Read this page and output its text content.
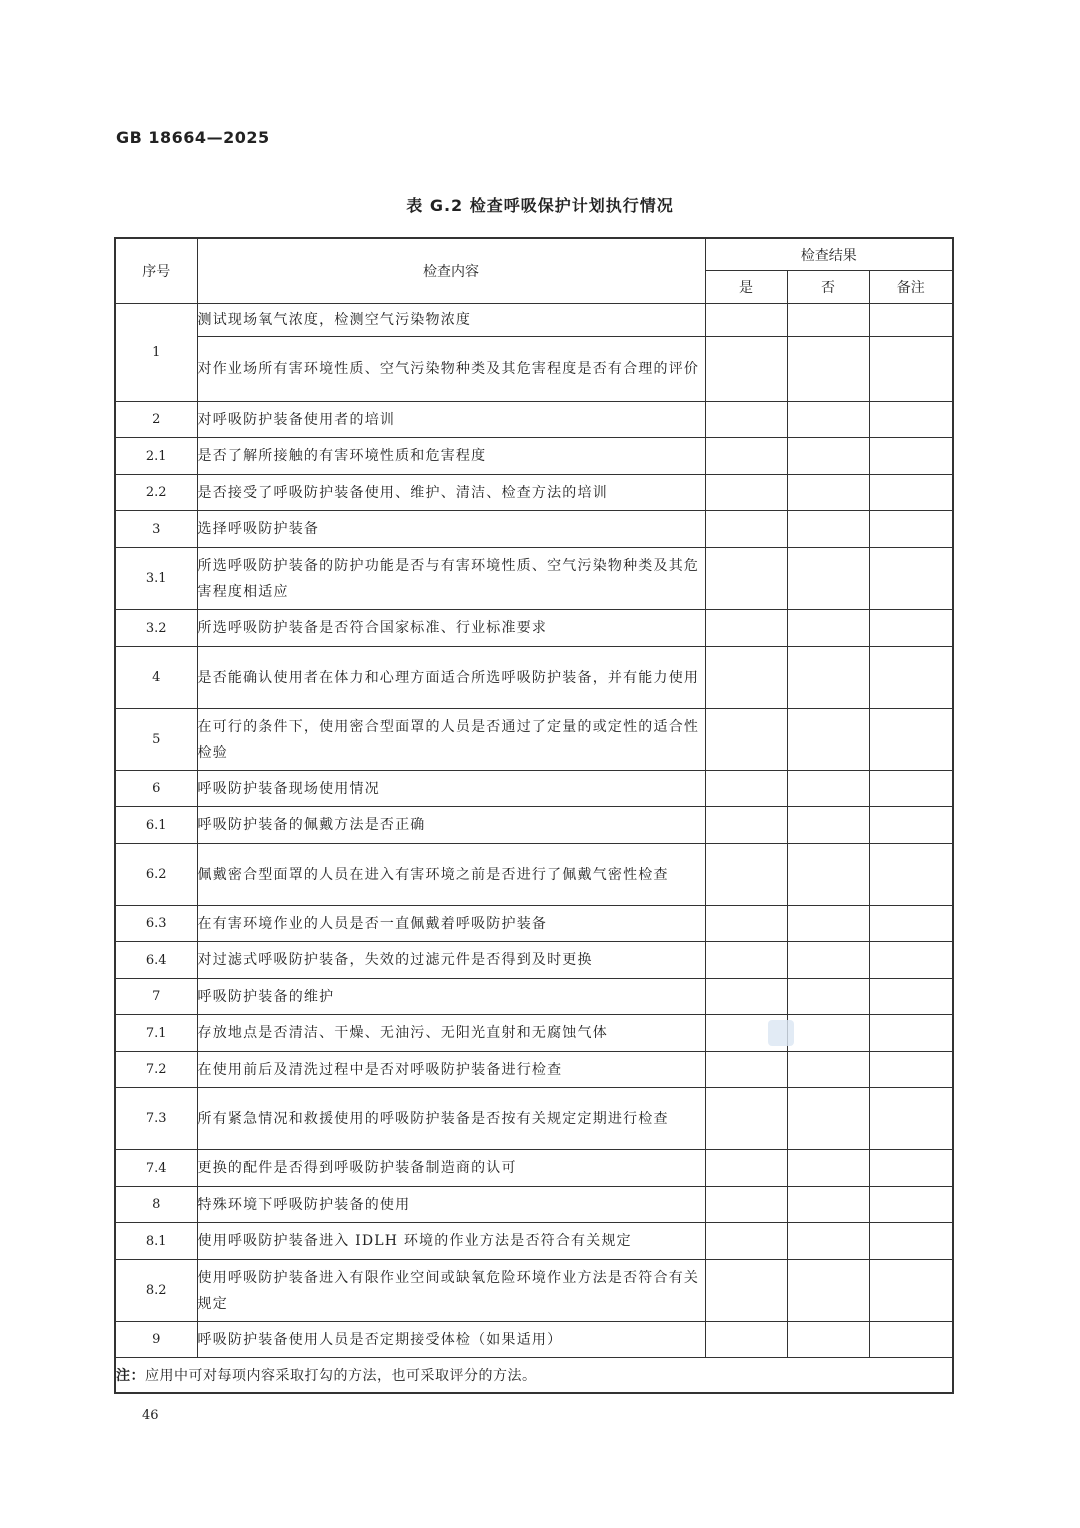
GB 18664—2025
表 G.2 检查呼吸保护计划执行情况
序号	检查内容	检查结果		
		是	否	备注
1	测试现场氧气浓度，检测空气污染物浓度			
	对作业场所有害环境性质、空气污染物种类及其危害程度是否有合理的评价			
2	对呼吸防护装备使用者的培训			
2.1	是否了解所接触的有害环境性质和危害程度			
2.2	是否接受了呼吸防护装备使用、维护、清洁、检查方法的培训			
3	选择呼吸防护装备			
3.1	所选呼吸防护装备的防护功能是否与有害环境性质、空气污染物种类及其危害程度相适应			
3.2	所选呼吸防护装备是否符合国家标准、行业标准要求			
4	是否能确认使用者在体力和心理方面适合所选呼吸防护装备，并有能力使用			
5	在可行的条件下，使用密合型面罩的人员是否通过了定量的或定性的适合性检验			
6	呼吸防护装备现场使用情况			
6.1	呼吸防护装备的佩戴方法是否正确			
6.2	佩戴密合型面罩的人员在进入有害环境之前是否进行了佩戴气密性检查			
6.3	在有害环境作业的人员是否一直佩戴着呼吸防护装备			
6.4	对过滤式呼吸防护装备，失效的过滤元件是否得到及时更换			
7	呼吸防护装备的维护			
7.1	存放地点是否清洁、干燥、无油污、无阳光直射和无腐蚀气体			
7.2	在使用前后及清洗过程中是否对呼吸防护装备进行检查			
7.3	所有紧急情况和救援使用的呼吸防护装备是否按有关规定定期进行检查			
7.4	更换的配件是否得到呼吸防护装备制造商的认可			
8	特殊环境下呼吸防护装备的使用			
8.1	使用呼吸防护装备进入 IDLH 环境的作业方法是否符合有关规定			
8.2	使用呼吸防护装备进入有限作业空间或缺氧危险环境作业方法是否符合有关规定			
9	呼吸防护装备使用人员是否定期接受体检（如果适用）			
注：应用中可对每项内容采取打勾的方法，也可采取评分的方法。				
46
